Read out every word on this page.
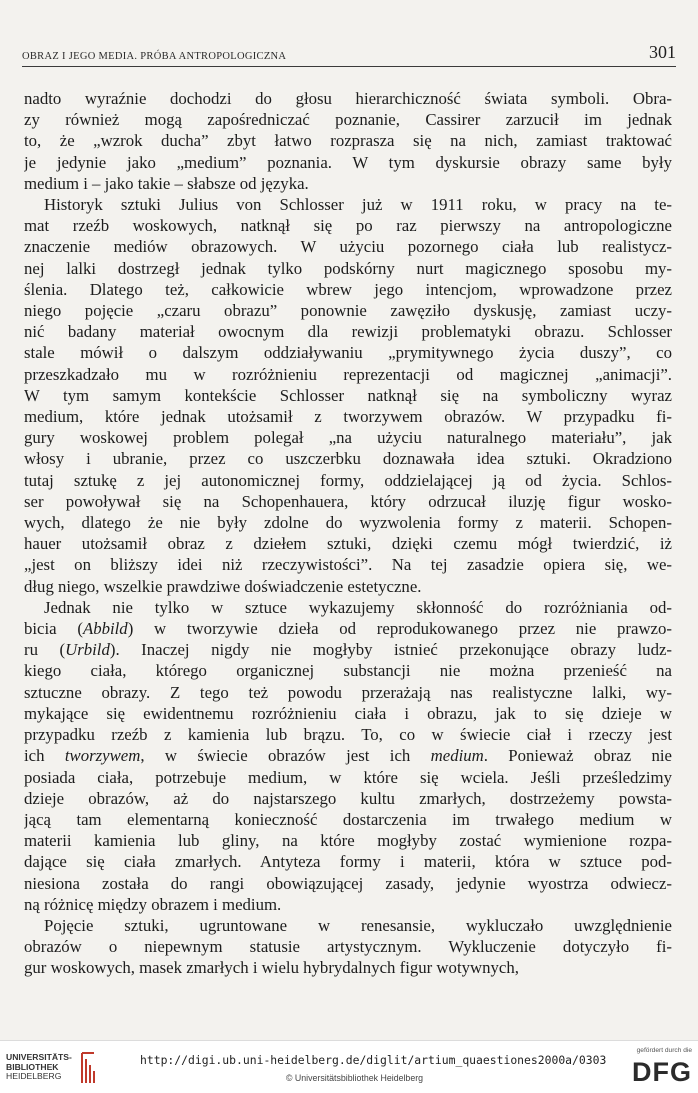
OBRAZ I JEGO MEDIA. PRÓBA ANTROPOLOGICZNA	301

nadto wyraźnie dochodzi do głosu hierarchiczność świata symboli. Obra-
zy również mogą zapośredniczać poznanie, Cassirer zarzucił im jednak
to, że „wzrok ducha” zbyt łatwo rozprasza się na nich, zamiast traktować
je jedynie jako „medium” poznania. W tym dyskursie obrazy same były
medium i – jako takie – słabsze od języka.

Historyk sztuki Julius von Schlosser już w 1911 roku, w pracy na te-
mat rzeźb woskowych, natknął się po raz pierwszy na antropologiczne
znaczenie mediów obrazowych. W użyciu pozornego ciała lub realistycz-
nej lalki dostrzegł jednak tylko podskórny nurt magicznego sposobu my-
ślenia. Dlatego też, całkowicie wbrew jego intencjom, wprowadzone przez
niego pojęcie „czaru obrazu” ponownie zawęziło dyskusję, zamiast uczy-
nić badany materiał owocnym dla rewizji problematyki obrazu. Schlosser
stale mówił o dalszym oddziaływaniu „prymitywnego życia duszy”, co
przeszkadzało mu w rozróżnieniu reprezentacji od magicznej „animacji”.
W tym samym kontekście Schlosser natknął się na symboliczny wyraz
medium, które jednak utożsamił z tworzywem obrazów. W przypadku fi-
gury woskowej problem polegał „na użyciu naturalnego materiału”, jak
włosy i ubranie, przez co uszczerbku doznawała idea sztuki. Okradziono
tutaj sztukę z jej autonomicznej formy, oddzielającej ją od życia. Schlos-
ser powoływał się na Schopenhauera, który odrzucał iluzję figur wosko-
wych, dlatego że nie były zdolne do wyzwolenia formy z materii. Schopen-
hauer utożsamił obraz z dziełem sztuki, dzięki czemu mógł twierdzić, iż
„jest on bliższy idei niż rzeczywistości”. Na tej zasadzie opiera się, we-
dług niego, wszelkie prawdziwe doświadczenie estetyczne.

Jednak nie tylko w sztuce wykazujemy skłonność do rozróżniania od-
bicia (Abbild) w tworzywie dzieła od reprodukowanego przez nie prawzo-
ru (Urbild). Inaczej nigdy nie mogłyby istnieć przekonujące obrazy ludz-
kiego ciała, którego organicznej substancji nie można przenieść na
sztuczne obrazy. Z tego też powodu przerażają nas realistyczne lalki, wy-
mykające się ewidentnemu rozróżnieniu ciała i obrazu, jak to się dzieje w
przypadku rzeźb z kamienia lub brązu. To, co w świecie ciał i rzeczy jest
ich tworzywem, w świecie obrazów jest ich medium. Ponieważ obraz nie
posiada ciała, potrzebuje medium, w które się wciela. Jeśli prześledzimy
dzieje obrazów, aż do najstarszego kultu zmarłych, dostrzeżemy powsta-
jącą tam elementarną konieczność dostarczenia im trwałego medium w
materii kamienia lub gliny, na które mogłyby zostać wymienione rozpa-
dające się ciała zmarłych. Antyteza formy i materii, która w sztuce pod-
niesiona została do rangi obowiązującej zasady, jedynie wyostrza odwiecz-
ną różnicę między obrazem i medium.

Pojęcie sztuki, ugruntowane w renesansie, wykluczało uwzględnienie
obrazów o niepewnym statusie artystycznym. Wykluczenie dotyczyło fi-
gur woskowych, masek zmarłych i wielu hybrydalnych figur wotywnych,

UNIVERSITÄTS-
BIBLIOTHEK
HEIDELBERG
http://digi.ub.uni-heidelberg.de/diglit/artium_quaestiones2000a/0303
© Universitätsbibliothek Heidelberg
gefördert durch die
DFG
